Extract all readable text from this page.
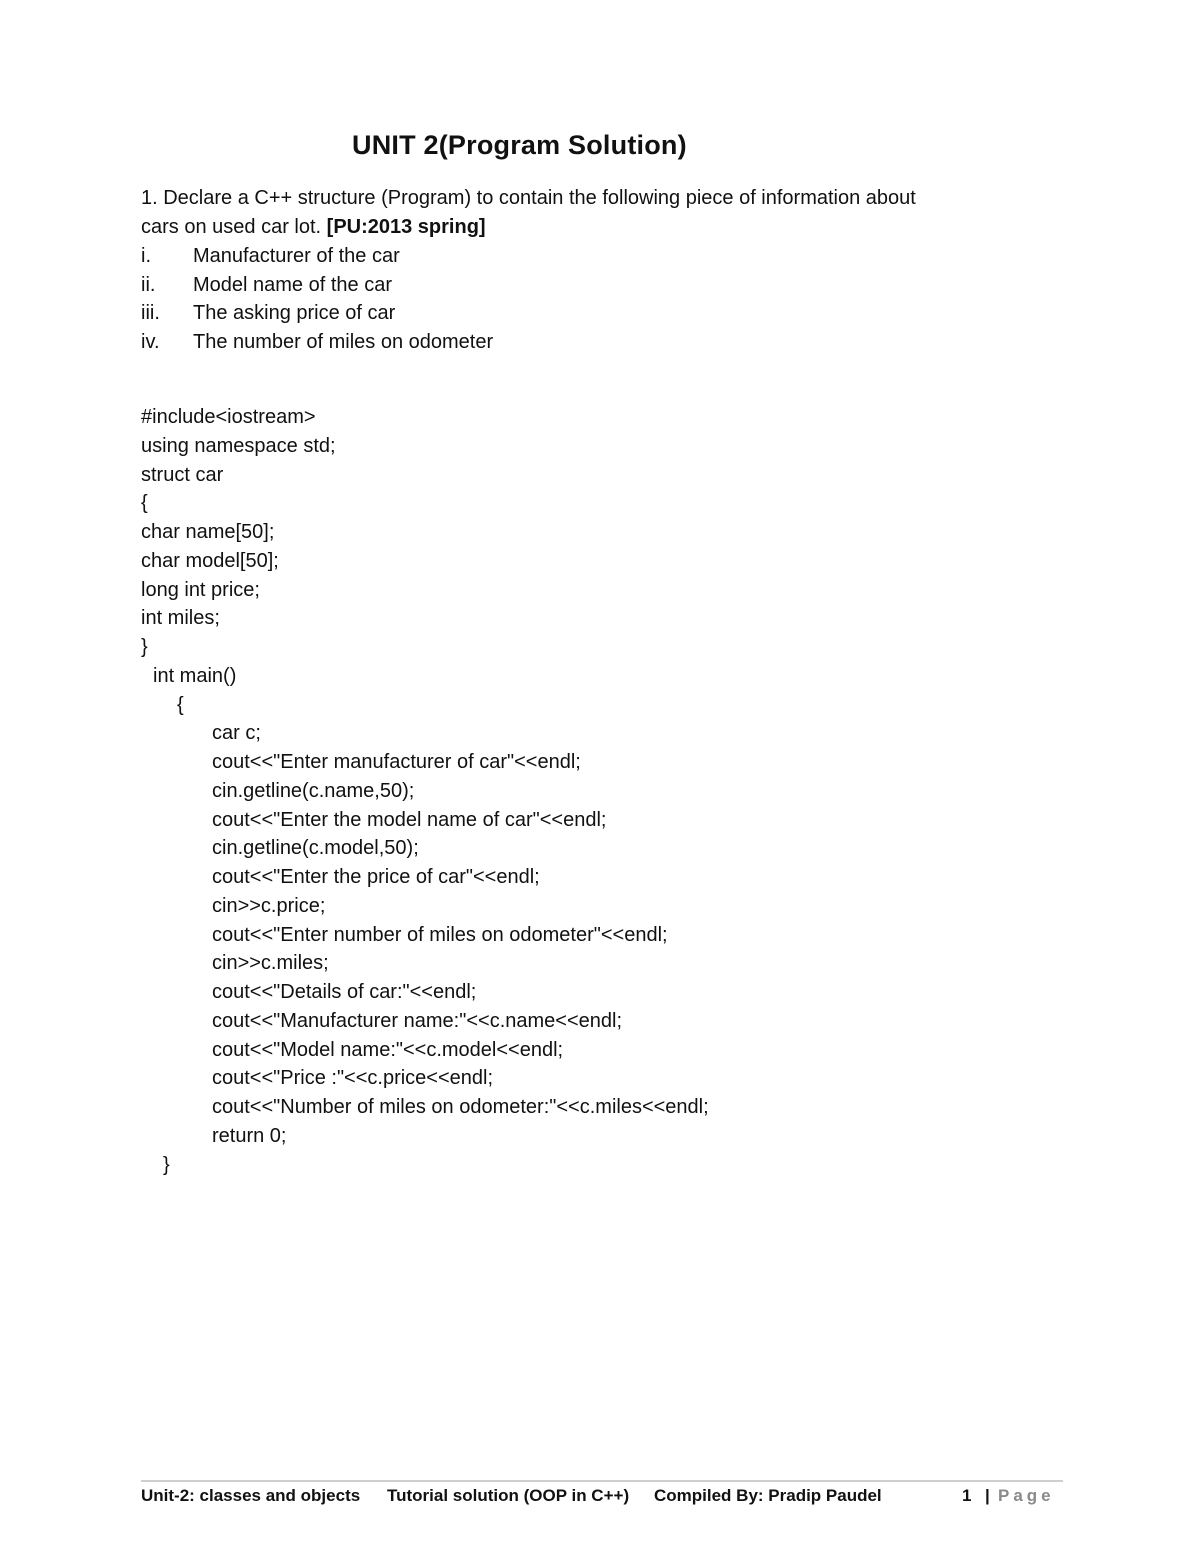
UNIT 2(Program Solution)
1. Declare a C++ structure (Program) to contain the following piece of information about
cars on used car lot. [PU:2013 spring]
i.	Manufacturer of the car
ii.	Model name of the car
iii.	The asking price of car
iv.	The number of miles on odometer
#include<iostream>
using namespace std;
struct car
{
char name[50];
char model[50];
long int price;
int miles;
}
int main()
{
car c;
cout<<"Enter manufacturer of car"<<endl;
cin.getline(c.name,50);
cout<<"Enter the model name of car"<<endl;
cin.getline(c.model,50);
cout<<"Enter the price of car"<<endl;
cin>>c.price;
cout<<"Enter number of miles on odometer"<<endl;
cin>>c.miles;
cout<<"Details of car:"<<endl;
cout<<"Manufacturer name:"<<c.name<<endl;
cout<<"Model name:"<<c.model<<endl;
cout<<"Price :"<<c.price<<endl;
cout<<"Number of miles on odometer:"<<c.miles<<endl;
return 0;
}
Unit-2: classes and objects Tutorial solution (OOP in C++) Compiled By: Pradip Paudel	1 | Page
